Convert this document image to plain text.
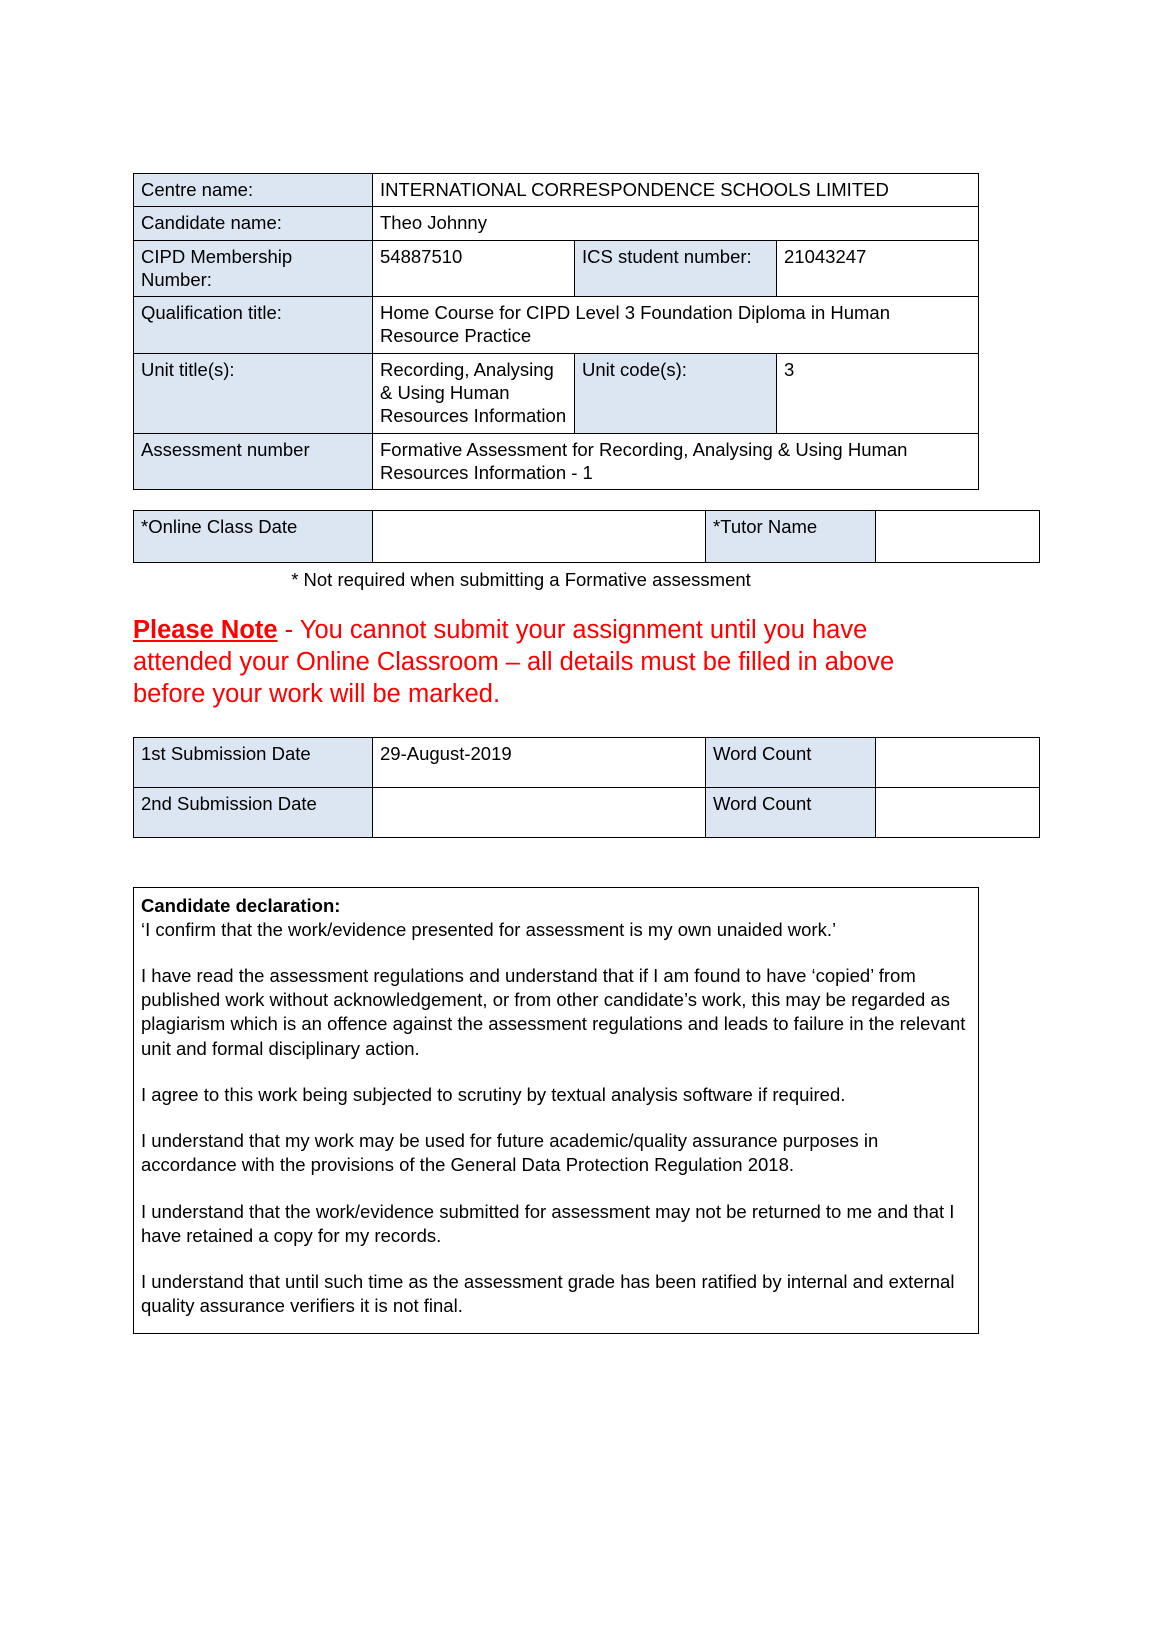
Centre name:	INTERNATIONAL CORRESPONDENCE SCHOOLS LIMITED		
Candidate name:	Theo Johnny		
CIPD Membership Number:	54887510	ICS student number:	21043247
Qualification title:	Home Course for CIPD Level 3 Foundation Diploma in Human Resource Practice		
Unit title(s):	Recording, Analysing & Using Human Resources Information	Unit code(s):	3
Assessment number	Formative Assessment for Recording, Analysing & Using Human Resources Information - 1		
*Online Class Date		*Tutor Name	
* Not required when submitting a Formative assessment
Please Note - You cannot submit your assignment until you have attended your Online Classroom – all details must be filled in above before your work will be marked.
1st Submission Date	29-August-2019	Word Count	
2nd Submission Date		Word Count	
Candidate declaration:

‘I confirm that the work/evidence presented for assessment is my own unaided work.’

I have read the assessment regulations and understand that if I am found to have ‘copied’ from published work without acknowledgement, or from other candidate’s work, this may be regarded as plagiarism which is an offence against the assessment regulations and leads to failure in the relevant unit and formal disciplinary action.

I agree to this work being subjected to scrutiny by textual analysis software if required.

I understand that my work may be used for future academic/quality assurance purposes in accordance with the provisions of the General Data Protection Regulation 2018.

I understand that the work/evidence submitted for assessment may not be returned to me and that I have retained a copy for my records.

I understand that until such time as the assessment grade has been ratified by internal and external quality assurance verifiers it is not final.
